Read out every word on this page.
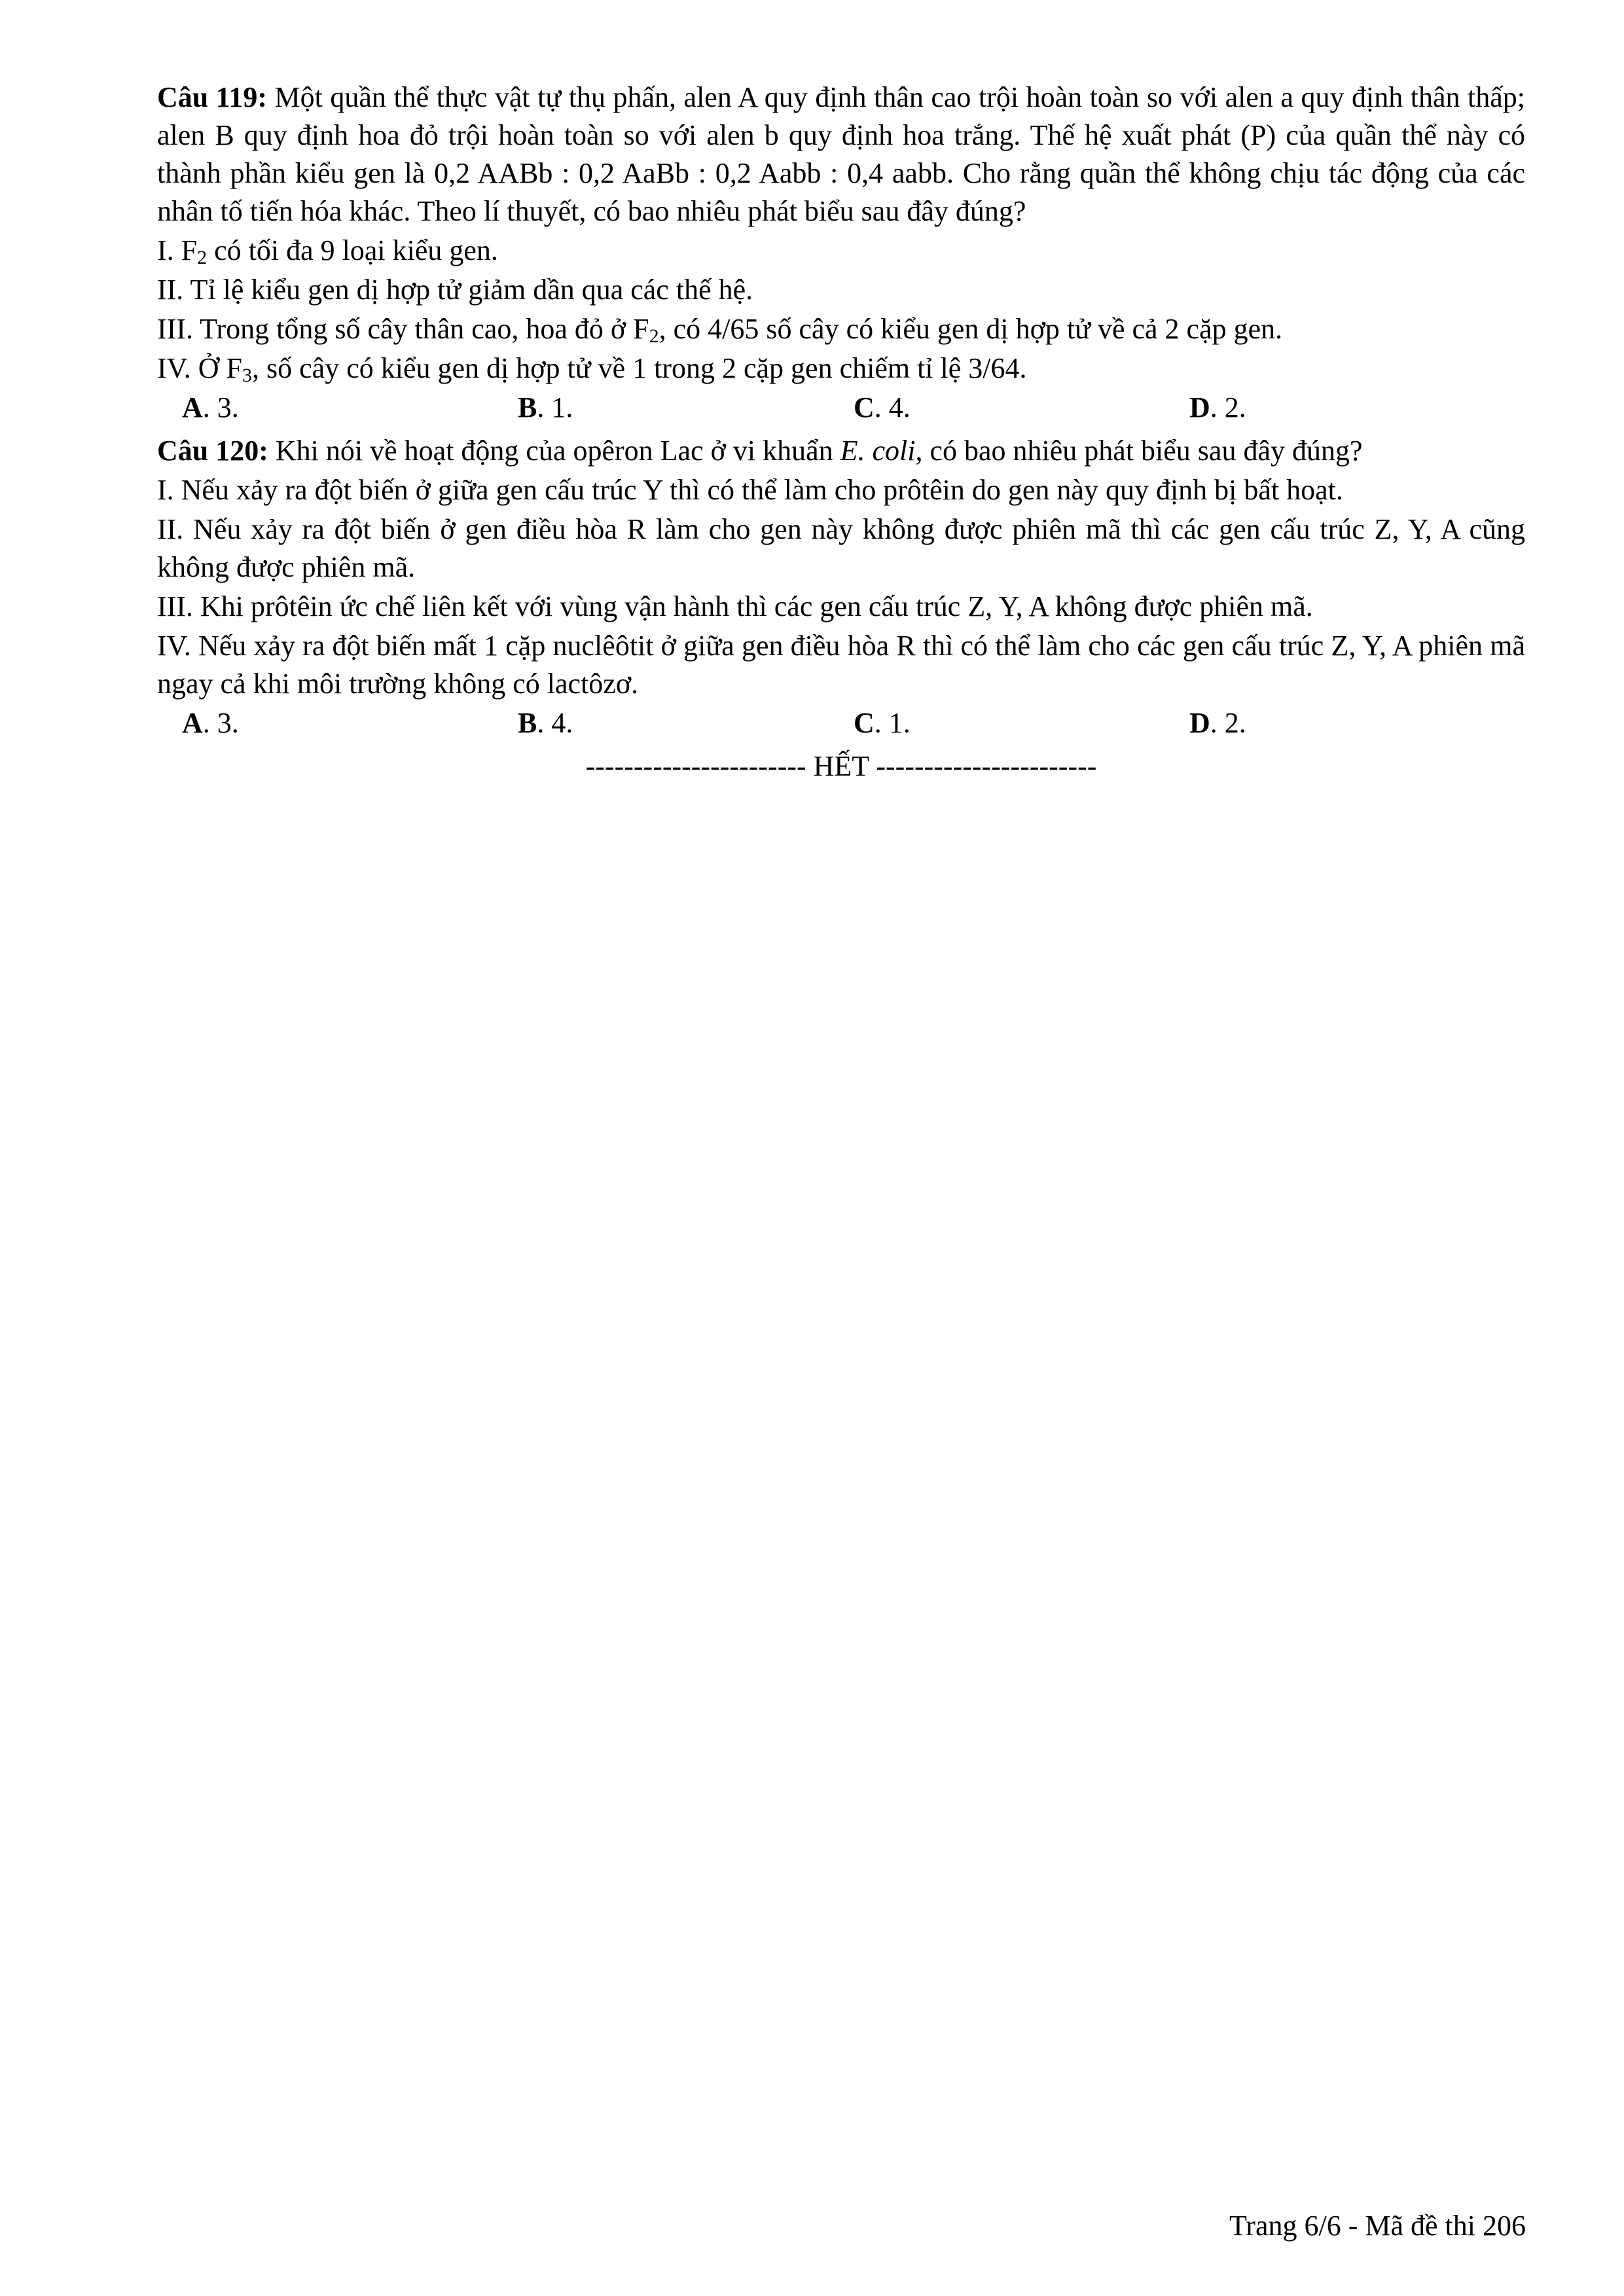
Câu 119: Một quần thể thực vật tự thụ phấn, alen A quy định thân cao trội hoàn toàn so với alen a quy định thân thấp; alen B quy định hoa đỏ trội hoàn toàn so với alen b quy định hoa trắng. Thế hệ xuất phát (P) của quần thể này có thành phần kiểu gen là 0,2 AABb : 0,2 AaBb : 0,2 Aabb : 0,4 aabb. Cho rằng quần thể không chịu tác động của các nhân tố tiến hóa khác. Theo lí thuyết, có bao nhiêu phát biểu sau đây đúng?

I. $F_2$ có tối đa 9 loại kiểu gen.
II. Tỉ lệ kiểu gen dị hợp tử giảm dần qua các thế hệ.
III. Trong tổng số cây thân cao, hoa đỏ ở $F_2$, có 4/65 số cây có kiểu gen dị hợp tử về cả 2 cặp gen.
IV. Ở $F_3$, số cây có kiểu gen dị hợp tử về 1 trong 2 cặp gen chiếm tỉ lệ 3/64.
A. 3.	B. 1.	C. 4.	D. 2.

Câu 120: Khi nói về hoạt động của opêron Lac ở vi khuẩn E. coli, có bao nhiêu phát biểu sau đây đúng?

I. Nếu xảy ra đột biến ở giữa gen cấu trúc Y thì có thể làm cho prôtêin do gen này quy định bị bất hoạt.
II. Nếu xảy ra đột biến ở gen điều hòa R làm cho gen này không được phiên mã thì các gen cấu trúc Z, Y, A cũng không được phiên mã.
III. Khi prôtêin ức chế liên kết với vùng vận hành thì các gen cấu trúc Z, Y, A không được phiên mã.
IV. Nếu xảy ra đột biến mất 1 cặp nuclêôtit ở giữa gen điều hòa R thì có thể làm cho các gen cấu trúc Z, Y, A phiên mã ngay cả khi môi trường không có lactôzơ.
A. 3.	B. 4.	C. 1.	D. 2.
----------------------- HẾT -----------------------
Trang 6/6 - Mã đề thi 206
